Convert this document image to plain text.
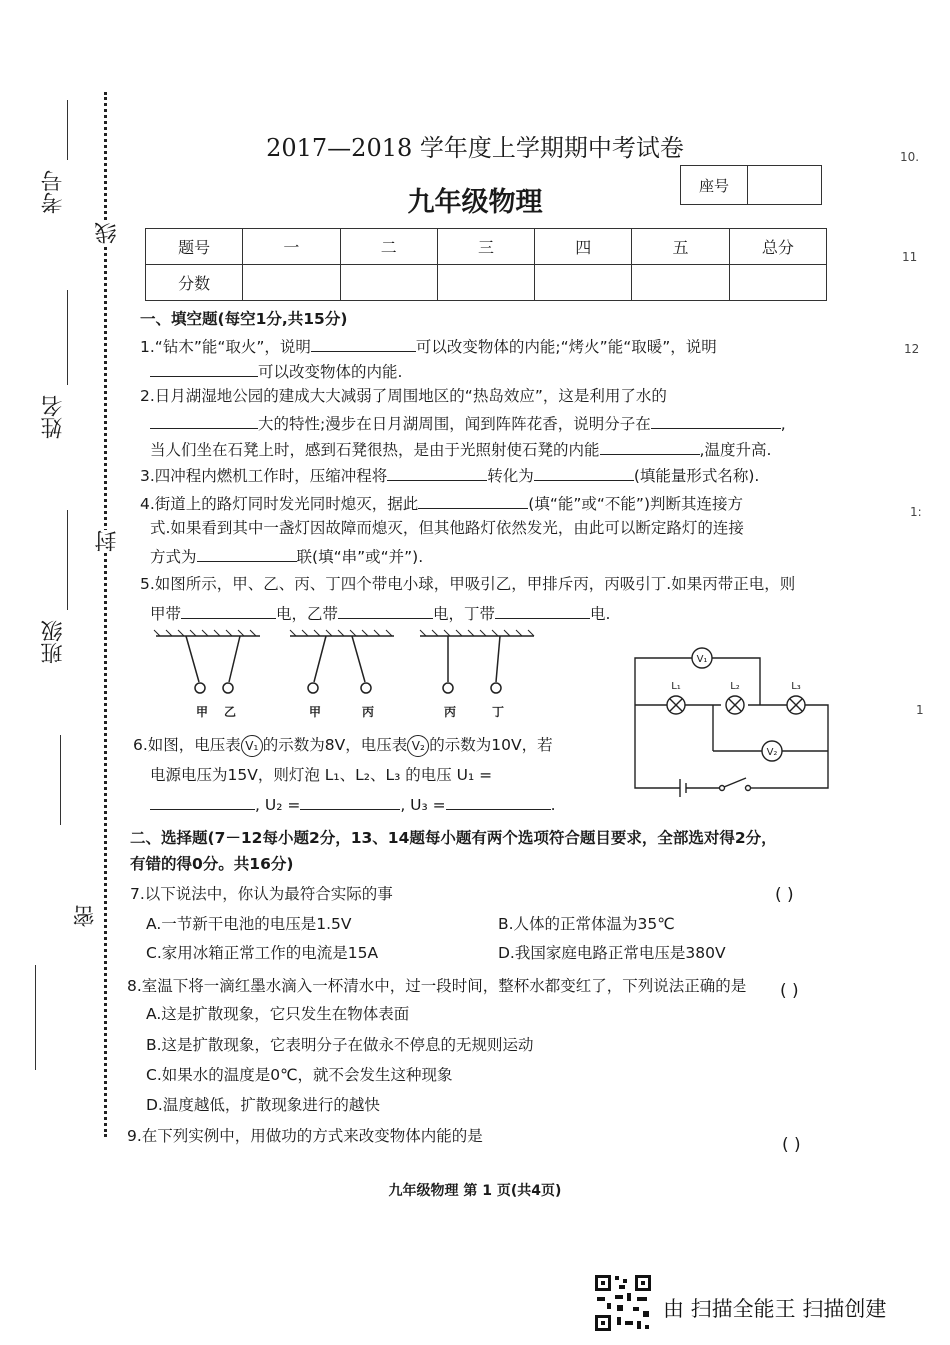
考号
姓名
班级
线
封
密
2017—2018 学年度上学期期中考试卷
九年级物理
座号
题号	一	二	三	四	五	总分
分数						
一、填空题(每空1分,共15分)
1.“钻木”能“取火”，说明	可以改变物体的内能;“烤火”能“取暖”，说明
可以改变物体的内能.
2.日月湖湿地公园的建成大大减弱了周围地区的“热岛效应”，这是利用了水的
大的特性;漫步在日月湖周围，闻到阵阵花香，说明分子在	,
当人们坐在石凳上时，感到石凳很热，是由于光照射使石凳的内能	,温度升高.
3.四冲程内燃机工作时，压缩冲程将	转化为	(填能量形式名称).
4.街道上的路灯同时发光同时熄灭，据此	(填“能”或“不能”)判断其连接方
式.如果看到其中一盏灯因故障而熄灭，但其他路灯依然发光，由此可以断定路灯的连接
方式为	联(填“串”或“并”).
5.如图所示，甲、乙、丙、丁四个带电小球，甲吸引乙，甲排斥丙，丙吸引丁.如果丙带正电，则
甲带	电，乙带	电，丁带	电.
甲 乙	甲	丙	丙	丁
V₁
V₂
L₁	L₂	L₃
6.如图，电压表 V₁ 的示数为8V，电压表 V₂ 的示数为10V，若
电源电压为15V，则灯泡 L₁、L₂、L₃ 的电压 U₁ =
, U₂ =	, U₃ =	.
二、选择题(7－12每小题2分，13、14题每小题有两个选项符合题目要求，全部选对得2分，
有错的得0分。共16分)
7.以下说法中，你认为最符合实际的事	( )
A.一节新干电池的电压是1.5V	B.人体的正常体温为35℃
C.家用冰箱正常工作的电流是15A	D.我国家庭电路正常电压是380V
8.室温下将一滴红墨水滴入一杯清水中，过一段时间，整杯水都变红了，下列说法正确的是 ( )
A.这是扩散现象，它只发生在物体表面
B.这是扩散现象，它表明分子在做永不停息的无规则运动
C.如果水的温度是0℃，就不会发生这种现象
D.温度越低，扩散现象进行的越快
9.在下列实例中，用做功的方式来改变物体内能的是	( )
九年级物理 第 1 页(共4页)
10.
11
12
1:
1
由 扫描全能王 扫描创建
